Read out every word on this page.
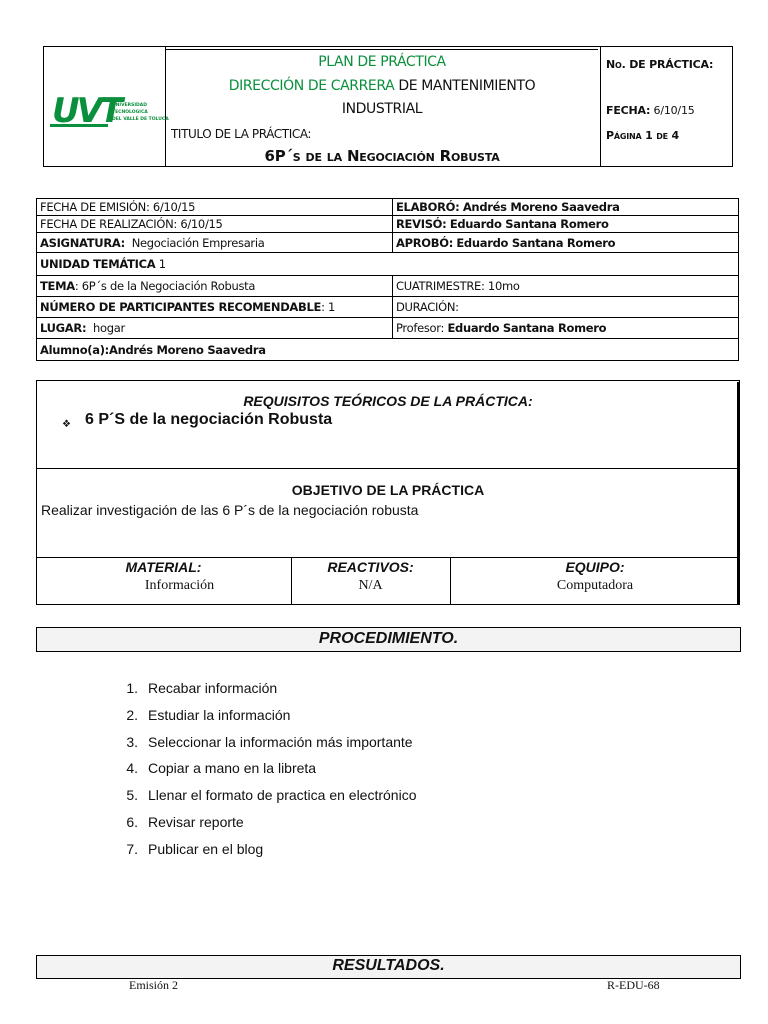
UVT
UNIVERSIDAD
TECNOLOGICA
DEL VALLE DE TOLUCA
PLAN DE PRÁCTICA
DIRECCIÓN DE CARRERA DE MANTENIMIENTO
INDUSTRIAL
TITULO DE LA PRÁCTICA:
6P´s de la Negociación Robusta
No. DE PRÁCTICA:
FECHA: 6/10/15
Página 1 de 4
FECHA DE EMISIÓN: 6/10/15	ELABORÓ: Andrés Moreno Saavedra
FECHA DE REALIZACIÓN: 6/10/15	REVISÓ: Eduardo Santana Romero
ASIGNATURA: Negociación Empresaria	APROBÓ: Eduardo Santana Romero
UNIDAD TEMÁTICA 1	
TEMA: 6P´s de la Negociación Robusta	CUATRIMESTRE: 10mo
NÚMERO DE PARTICIPANTES RECOMENDABLE: 1	DURACIÓN:
LUGAR: hogar	Profesor: Eduardo Santana Romero
Alumno(a):Andrés Moreno Saavedra	
REQUISITOS TEÓRICOS DE LA PRÁCTICA:
❖ 6 P´S de la negociación Robusta
OBJETIVO DE LA PRÁCTICA
Realizar investigación de las 6 P´s de la negociación robusta
MATERIAL:
Información
REACTIVOS:
N/A
EQUIPO:
Computadora
PROCEDIMIENTO.
1. Recabar información
2. Estudiar la información
3. Seleccionar la información más importante
4. Copiar a mano en la libreta
5. Llenar el formato de practica en electrónico
6. Revisar reporte
7. Publicar en el blog
RESULTADOS.
Emisión 2	R-EDU-68
